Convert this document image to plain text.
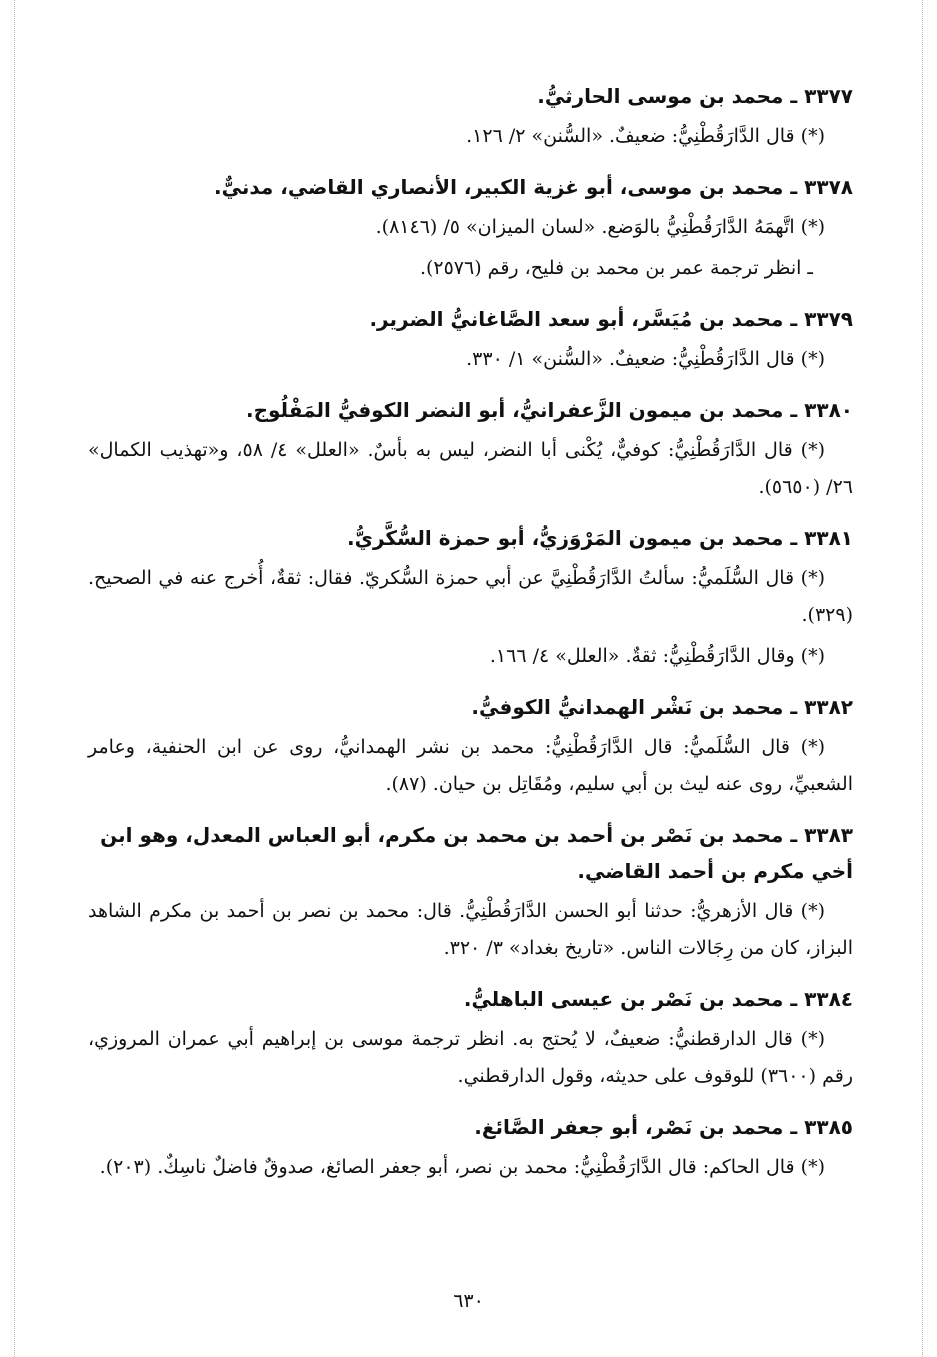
٣٣٧٧ ـ محمد بن موسى الحارثيُّ.
(*) قال الدَّارَقُطْنِيُّ: ضعيفٌ. «السُّنن» ٢/ ١٢٦.
٣٣٧٨ ـ محمد بن موسى، أبو غزية الكبير، الأنصاري القاضي، مدنيٌّ.
(*) اتَّهمَهُ الدَّارَقُطْنِيُّ بالوَضع. «لسان الميزان» ٥/ (٨١٤٦).
ـ انظر ترجمة عمر بن محمد بن فليح، رقم (٢٥٧٦).
٣٣٧٩ ـ محمد بن مُيَسَّر، أبو سعد الصَّاغانيُّ الضرير.
(*) قال الدَّارَقُطْنِيُّ: ضعيفٌ. «السُّنن» ١/ ٣٣٠.
٣٣٨٠ ـ محمد بن ميمون الزَّعفرانيُّ، أبو النضر الكوفيُّ المَفْلُوج.
(*) قال الدَّارَقُطْنِيُّ: كوفيٌّ، يُكْنى أبا النضر، ليس به بأسٌ. «العلل» ٤/ ٥٨، و«تهذيب الكمال» ٢٦/ (٥٦٥٠).
٣٣٨١ ـ محمد بن ميمون المَرْوَزيُّ، أبو حمزة السُّكَّريُّ.
(*) قال السُّلَميُّ: سألتُ الدَّارَقُطْنِيَّ عن أبي حمزة السُّكريّ. فقال: ثقةٌ، أُخرج عنه في الصحيح. (٣٢٩).
(*) وقال الدَّارَقُطْنِيُّ: ثقةٌ. «العلل» ٤/ ١٦٦.
٣٣٨٢ ـ محمد بن نَشْر الهمدانيُّ الكوفيُّ.
(*) قال السُّلَميُّ: قال الدَّارَقُطْنِيُّ: محمد بن نشر الهمدانيُّ، روى عن ابن الحنفية، وعامر الشعبيِّ، روى عنه ليث بن أبي سليم، ومُقَاتِل بن حيان. (٨٧).
٣٣٨٣ ـ محمد بن نَصْر بن أحمد بن محمد بن مكرم، أبو العباس المعدل، وهو ابن أخي مكرم بن أحمد القاضي.
(*) قال الأزهريُّ: حدثنا أبو الحسن الدَّارَقُطْنِيُّ. قال: محمد بن نصر بن أحمد بن مكرم الشاهد البزاز، كان من رِجَالات الناس. «تاريخ بغداد» ٣/ ٣٢٠.
٣٣٨٤ ـ محمد بن نَصْر بن عيسى الباهليُّ.
(*) قال الدارقطنيُّ: ضعيفٌ، لا يُحتج به. انظر ترجمة موسى بن إبراهيم أبي عمران المروزي، رقم (٣٦٠٠) للوقوف على حديثه، وقول الدارقطني.
٣٣٨٥ ـ محمد بن نَصْر، أبو جعفر الصَّائغ.
(*) قال الحاكم: قال الدَّارَقُطْنِيُّ: محمد بن نصر، أبو جعفر الصائغ، صدوقٌ فاضلٌ ناسِكٌ. (٢٠٣).
٦٣٠
